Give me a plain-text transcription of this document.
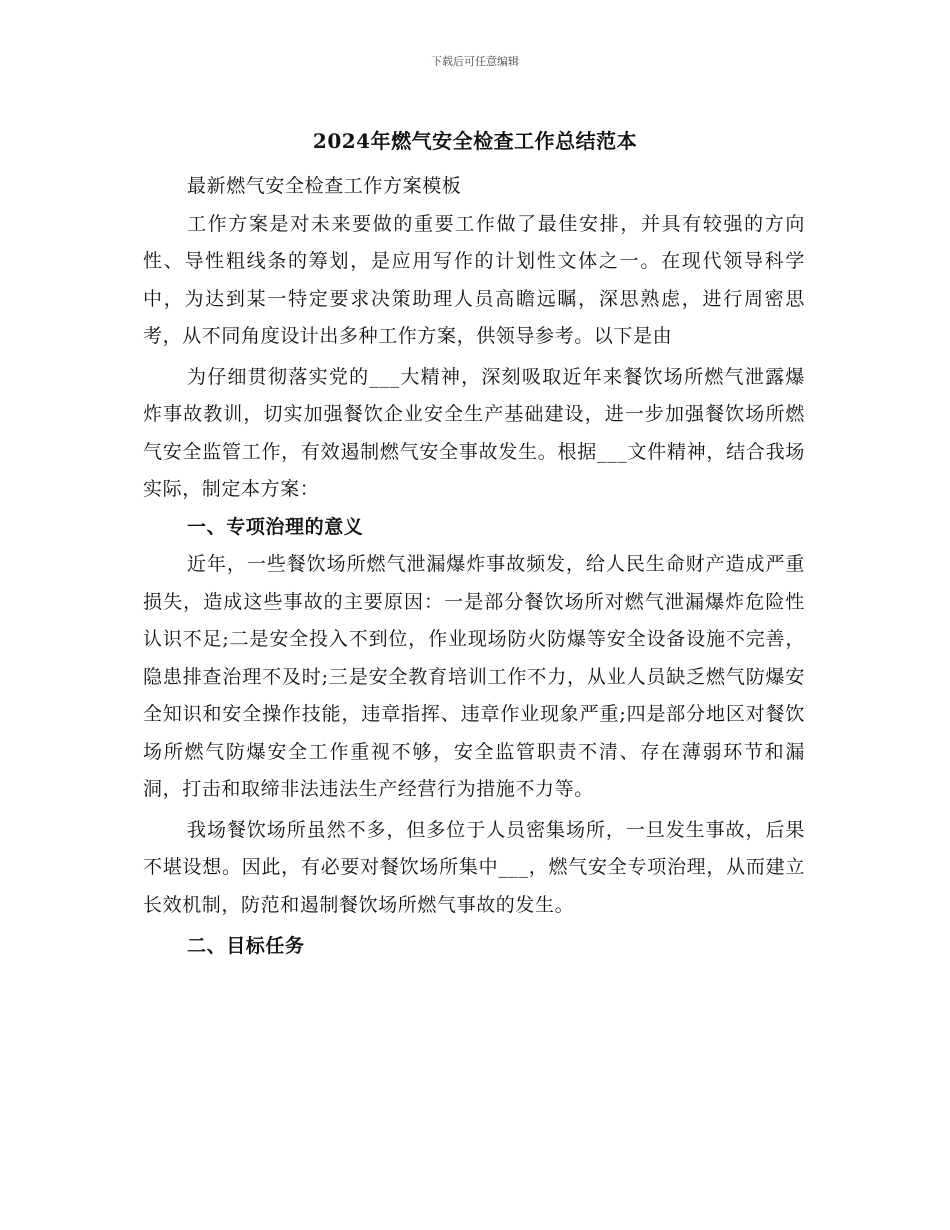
下载后可任意编辑
2024年燃气安全检查工作总结范本

最新燃气安全检查工作方案模板

工作方案是对未来要做的重要工作做了最佳安排，并具有较强的方向性、导性粗线条的筹划，是应用写作的计划性文体之一。在现代领导科学中，为达到某一特定要求决策助理人员高瞻远瞩，深思熟虑，进行周密思考，从不同角度设计出多种工作方案，供领导参考。以下是由

为仔细贯彻落实党的___大精神，深刻吸取近年来餐饮场所燃气泄露爆炸事故教训，切实加强餐饮企业安全生产基础建设，进一步加强餐饮场所燃气安全监管工作，有效遏制燃气安全事故发生。根据___文件精神，结合我场实际，制定本方案：

一、专项治理的意义

近年，一些餐饮场所燃气泄漏爆炸事故频发，给人民生命财产造成严重损失，造成这些事故的主要原因：一是部分餐饮场所对燃气泄漏爆炸危险性认识不足;二是安全投入不到位，作业现场防火防爆等安全设备设施不完善，隐患排查治理不及时;三是安全教育培训工作不力，从业人员缺乏燃气防爆安全知识和安全操作技能，违章指挥、违章作业现象严重;四是部分地区对餐饮场所燃气防爆安全工作重视不够，安全监管职责不清、存在薄弱环节和漏洞，打击和取缔非法违法生产经营行为措施不力等。

我场餐饮场所虽然不多，但多位于人员密集场所，一旦发生事故，后果不堪设想。因此，有必要对餐饮场所集中___，燃气安全专项治理，从而建立长效机制，防范和遏制餐饮场所燃气事故的发生。

二、目标任务
